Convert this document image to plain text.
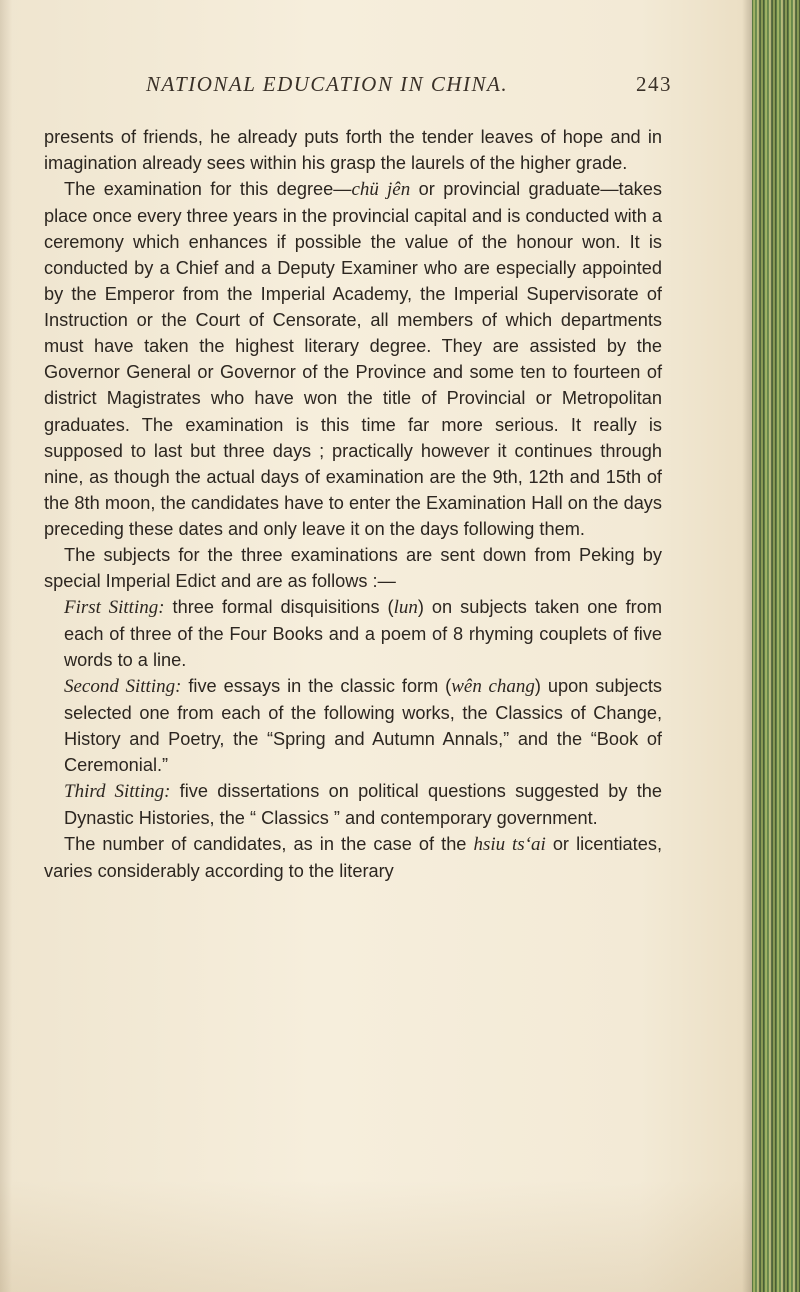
NATIONAL EDUCATION IN CHINA.	243

presents of friends, he already puts forth the tender leaves of hope and in imagination already sees within his grasp the laurels of the higher grade.

The examination for this degree—chü jên or provincial graduate—takes place once every three years in the provincial capital and is conducted with a ceremony which enhances if possible the value of the honour won. It is conducted by a Chief and a Deputy Examiner who are especially appointed by the Emperor from the Imperial Academy, the Imperial Supervisorate of Instruction or the Court of Censorate, all members of which departments must have taken the highest literary degree. They are assisted by the Governor General or Governor of the Province and some ten to fourteen of district Magistrates who have won the title of Provincial or Metropolitan graduates. The examination is this time far more serious. It really is supposed to last but three days ; practically however it continues through nine, as though the actual days of examination are the 9th, 12th and 15th of the 8th moon, the candidates have to enter the Examination Hall on the days preceding these dates and only leave it on the days following them.

The subjects for the three examinations are sent down from Peking by special Imperial Edict and are as follows :—

First Sitting: three formal disquisitions (lun) on subjects taken one from each of three of the Four Books and a poem of 8 rhyming couplets of five words to a line.

Second Sitting: five essays in the classic form (wên chang) upon subjects selected one from each of the following works, the Classics of Change, History and Poetry, the “Spring and Autumn Annals,” and the “Book of Ceremonial.”

Third Sitting: five dissertations on political questions suggested by the Dynastic Histories, the “ Classics ” and contemporary government.

The number of candidates, as in the case of the hsiu ts‘ai or licentiates, varies considerably according to the literary
